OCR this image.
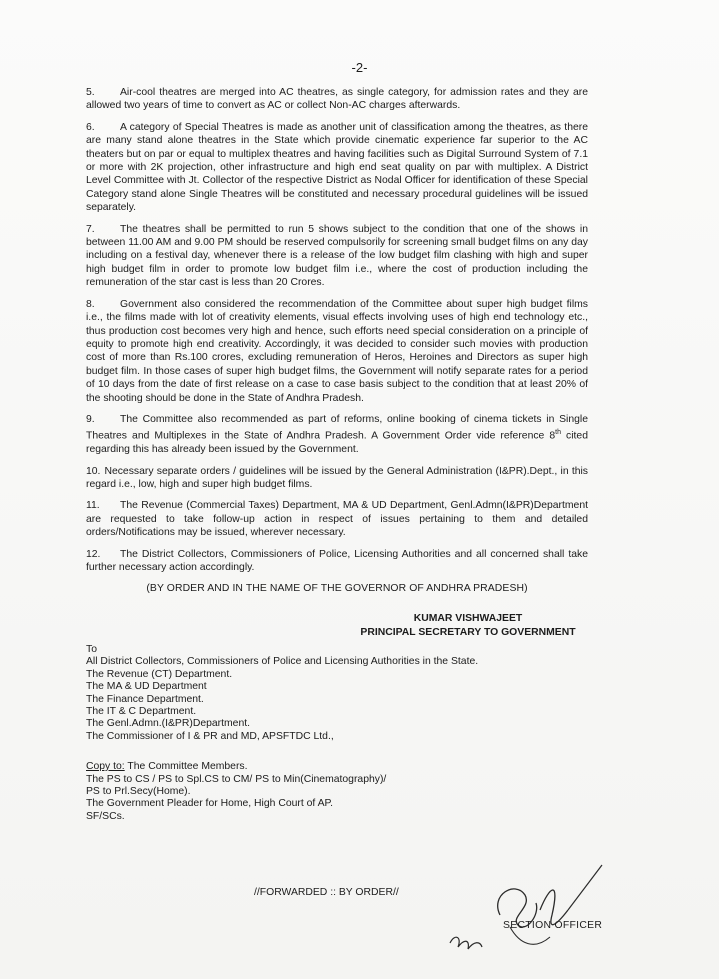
-2-

5. Air-cool theatres are merged into AC theatres, as single category, for admission rates and they are allowed two years of time to convert as AC or collect Non-AC charges afterwards.

6. A category of Special Theatres is made as another unit of classification among the theatres, as there are many stand alone theatres in the State which provide cinematic experience far superior to the AC theaters but on par or equal to multiplex theatres and having facilities such as Digital Surround System of 7.1 or more with 2K projection, other infrastructure and high end seat quality on par with multiplex. A District Level Committee with Jt. Collector of the respective District as Nodal Officer for identification of these Special Category stand alone Single Theatres will be constituted and necessary procedural guidelines will be issued separately.

7. The theatres shall be permitted to run 5 shows subject to the condition that one of the shows in between 11.00 AM and 9.00 PM should be reserved compulsorily for screening small budget films on any day including on a festival day, whenever there is a release of the low budget film clashing with high and super high budget film in order to promote low budget film i.e., where the cost of production including the remuneration of the star cast is less than 20 Crores.

8. Government also considered the recommendation of the Committee about super high budget films i.e., the films made with lot of creativity elements, visual effects involving uses of high end technology etc., thus production cost becomes very high and hence, such efforts need special consideration on a principle of equity to promote high end creativity. Accordingly, it was decided to consider such movies with production cost of more than Rs.100 crores, excluding remuneration of Heros, Heroines and Directors as super high budget film. In those cases of super high budget films, the Government will notify separate rates for a period of 10 days from the date of first release on a case to case basis subject to the condition that at least 20% of the shooting should be done in the State of Andhra Pradesh.

9. The Committee also recommended as part of reforms, online booking of cinema tickets in Single Theatres and Multiplexes in the State of Andhra Pradesh. A Government Order vide reference 8th cited regarding this has already been issued by the Government.

10. Necessary separate orders / guidelines will be issued by the General Administration (I&PR).Dept., in this regard i.e., low, high and super high budget films.

11. The Revenue (Commercial Taxes) Department, MA & UD Department, Genl.Admn(I&PR)Department are requested to take follow-up action in respect of issues pertaining to them and detailed orders/Notifications may be issued, wherever necessary.

12. The District Collectors, Commissioners of Police, Licensing Authorities and all concerned shall take further necessary action accordingly.

(BY ORDER AND IN THE NAME OF THE GOVERNOR OF ANDHRA PRADESH)

KUMAR VISHWAJEET
PRINCIPAL SECRETARY TO GOVERNMENT
To
All District Collectors, Commissioners of Police and Licensing Authorities in the State.
The Revenue (CT) Department.
The MA & UD Department
The Finance Department.
The IT & C Department.
The Genl.Admn.(I&PR)Department.
The Commissioner of I & PR and MD, APSFTDC Ltd.,
Copy to: The Committee Members.
The PS to CS / PS to Spl.CS to CM/ PS to Min(Cinematography)/
PS to Prl.Secy(Home).
The Government Pleader for Home, High Court of AP.
SF/SCs.
//FORWARDED :: BY ORDER//
SECTION OFFICER
